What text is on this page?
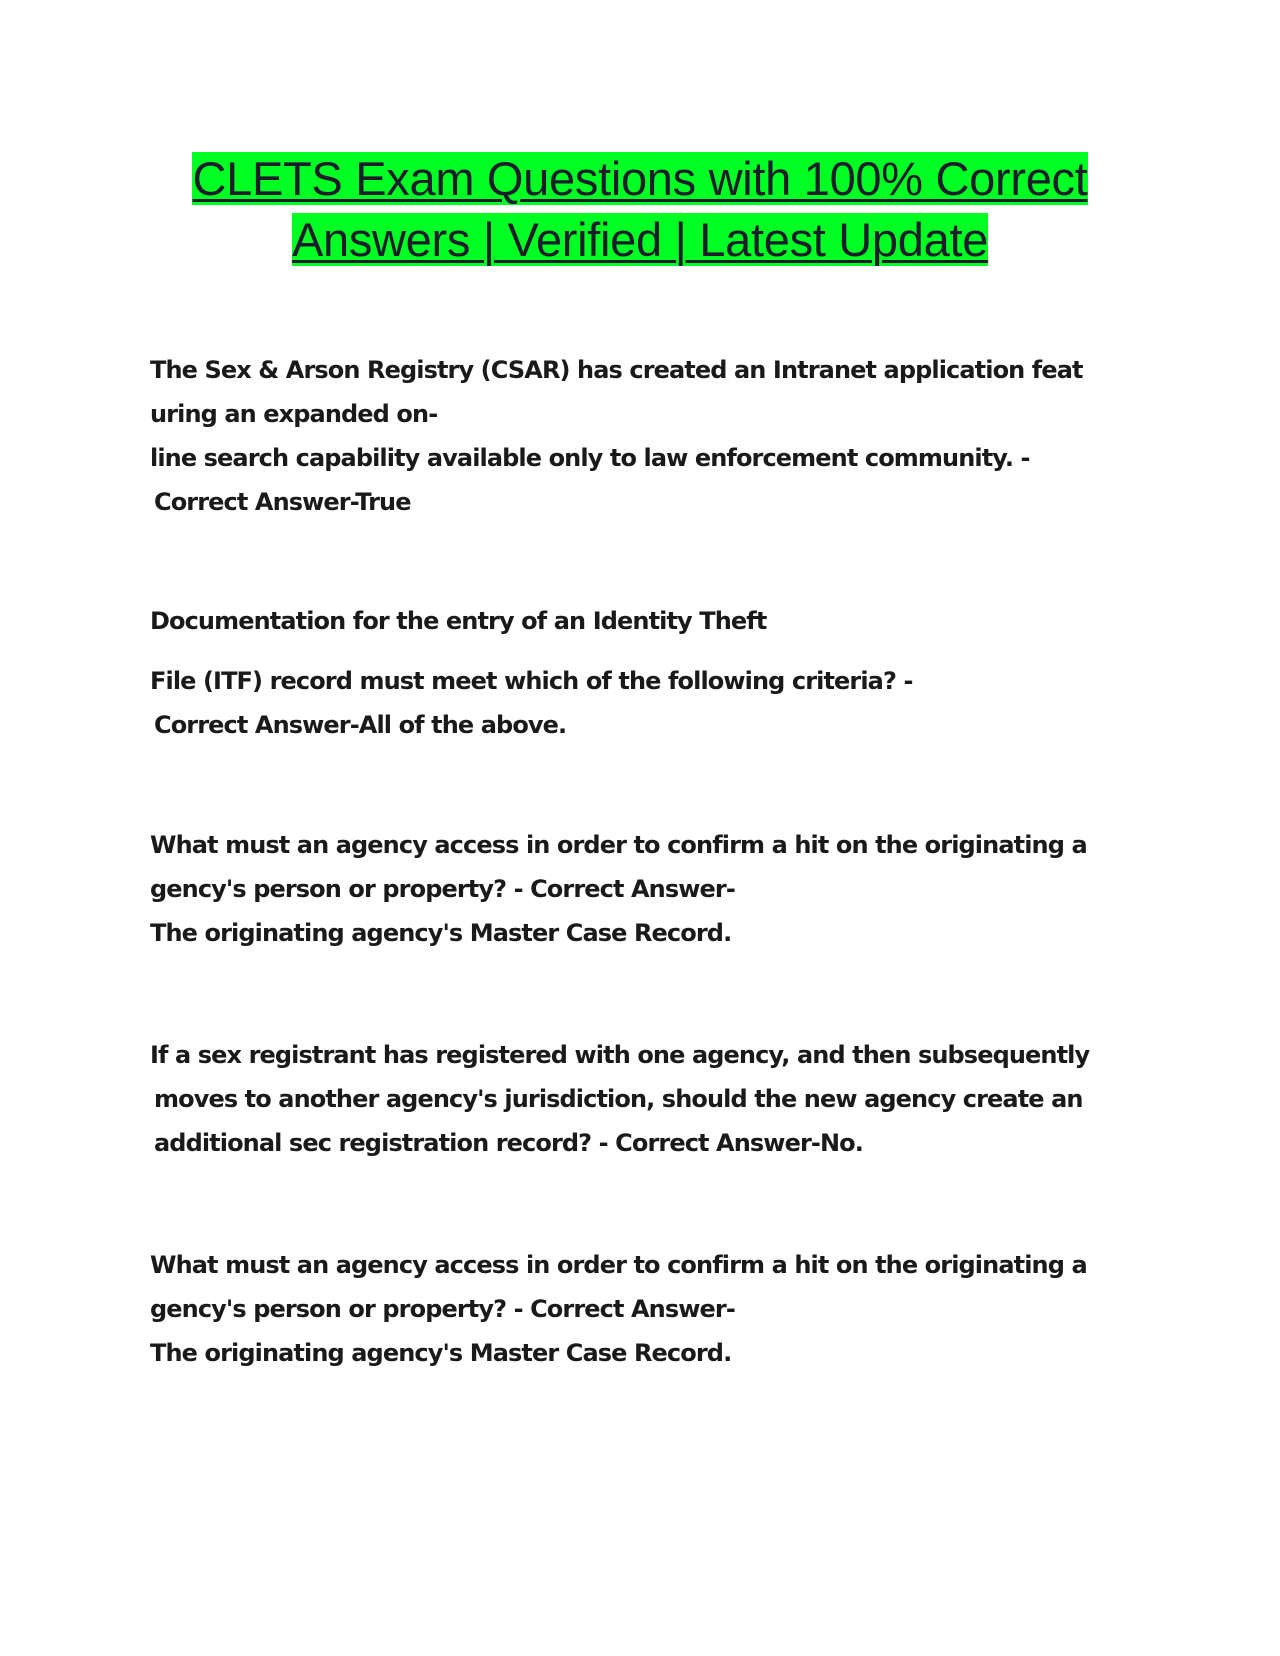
CLETS Exam Questions with 100% Correct
Answers | Verified | Latest Update
The Sex & Arson Registry (CSAR) has created an Intranet application feat
uring an expanded on-
line search capability available only to law enforcement community. -
Correct Answer-True
Documentation for the entry of an Identity Theft
File (ITF) record must meet which of the following criteria? -
Correct Answer-All of the above.
What must an agency access in order to confirm a hit on the originating a
gency's person or property? - Correct Answer-
The originating agency's Master Case Record.
If a sex registrant has registered with one agency, and then subsequently
moves to another agency's jurisdiction, should the new agency create an
additional sec registration record? - Correct Answer-No.
What must an agency access in order to confirm a hit on the originating a
gency's person or property? - Correct Answer-
The originating agency's Master Case Record.
